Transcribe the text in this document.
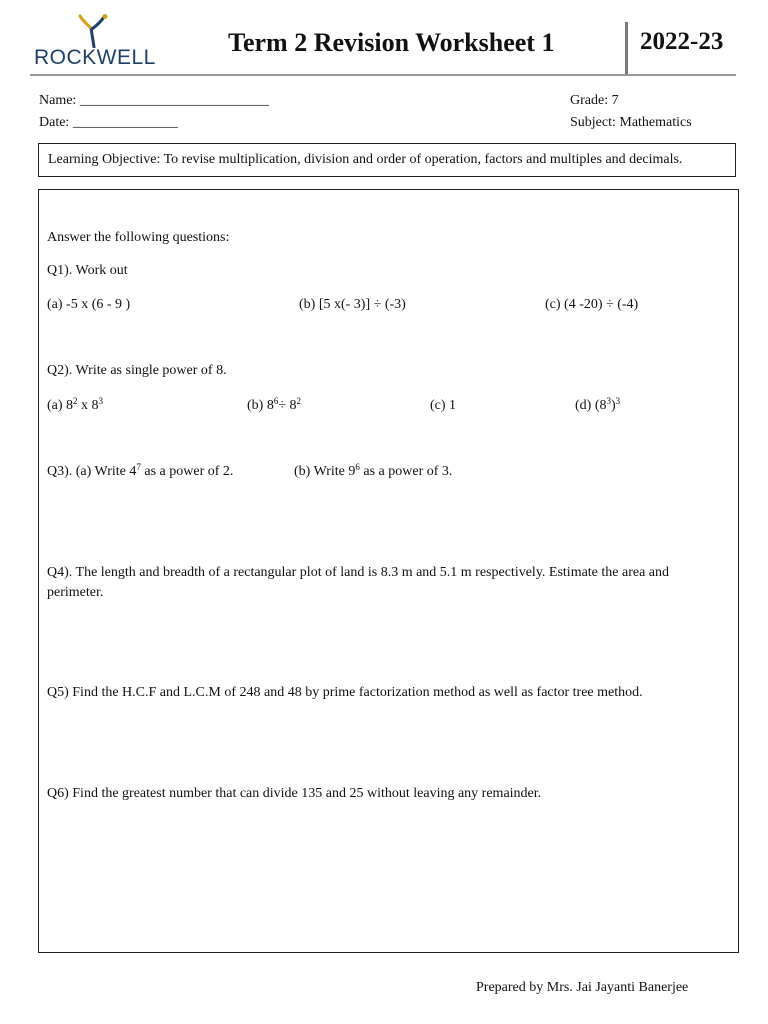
ROCKWELL
Term 2 Revision Worksheet 1	2022-23
Name: ___________________________
Date: _______________
Grade: 7
Subject: Mathematics
Learning Objective: To revise multiplication, division and order of operation, factors and multiples and decimals.
Answer the following questions:
Q1). Work out
(a) -5 x (6 - 9 )	(b) [5 x(- 3)] ÷ (-3)	(c) (4 -20) ÷ (-4)
Q2). Write as single power of 8.
(a) $8^2$ x $8^3$	(b) $8^6\div 8^2$	(c) 1	(d) $(8^3)^3$
Q3). (a) Write $4^7$ as a power of 2.	(b) Write $9^6$ as a power of 3.
Q4). The length and breadth of a rectangular plot of land is 8.3 m and 5.1 m respectively. Estimate the area and
perimeter.
Q5) Find the H.C.F and L.C.M of 248 and 48 by prime factorization method as well as factor tree method.
Q6) Find the greatest number that can divide 135 and 25 without leaving any remainder.
Prepared by Mrs. Jai Jayanti Banerjee
